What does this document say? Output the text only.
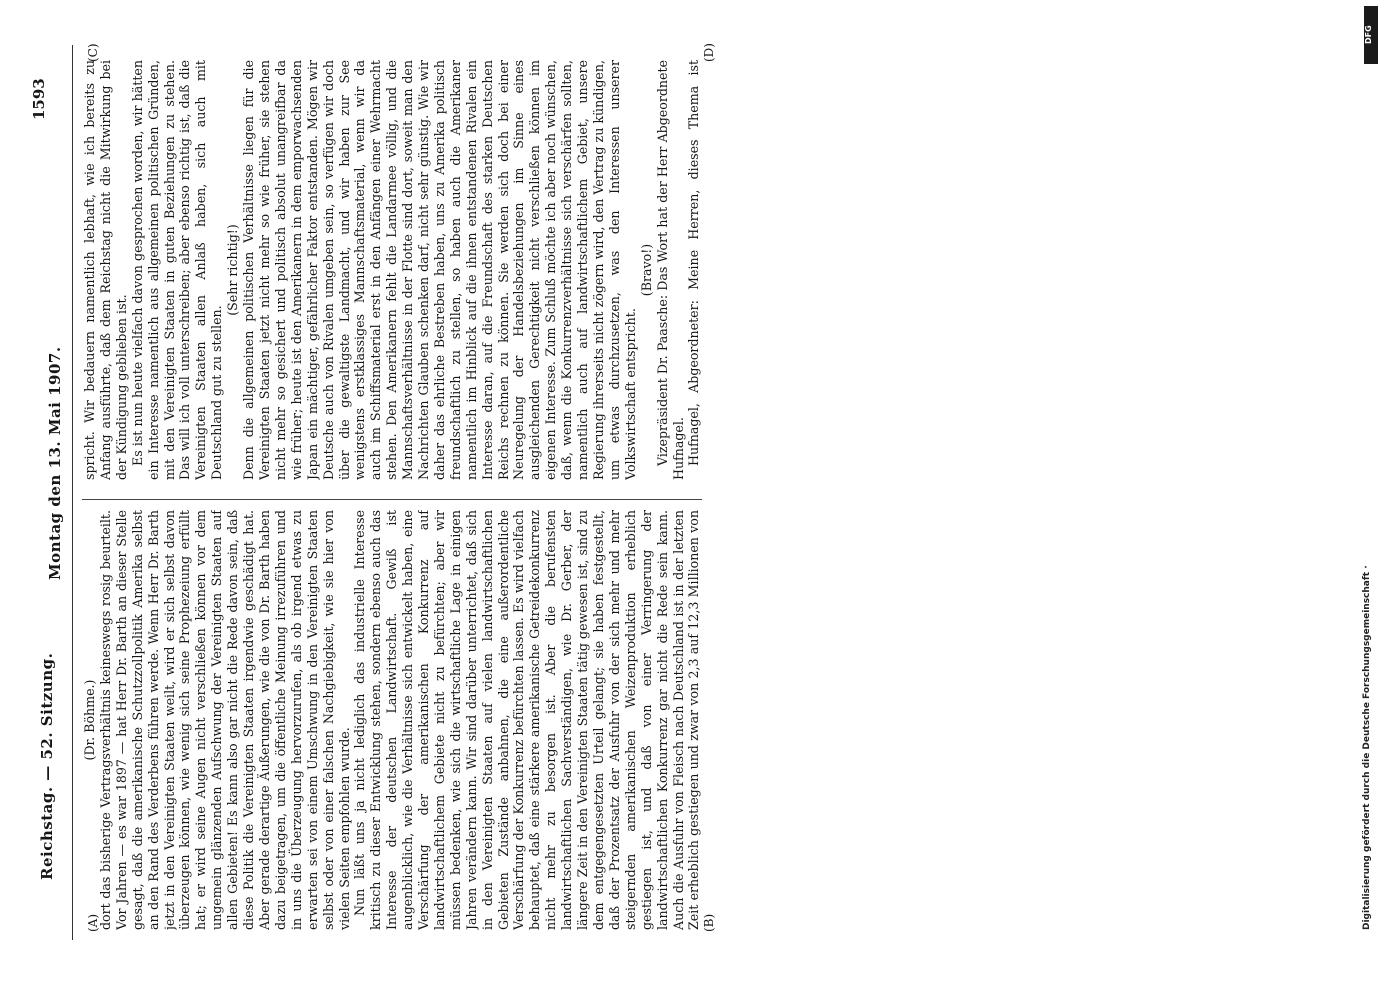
Reichstag. — 52. Sitzung.
Montag den 13. Mai 1907.
1593
(A)	(B)
(C)	(D)

(Dr. Böhme.) dort das bisherige Vertragsverhältnis keineswegs rosig beurteilt. Vor Jahren — es war 1897 — hat Herr Dr. Barth an dieser Stelle gesagt, daß die amerikanische Schutzzollpolitik Amerika selbst an den Rand des Verderbens führen werde. Wenn Herr Dr. Barth jetzt in den Vereinigten Staaten weilt, wird er sich selbst davon überzeugen können, wie wenig sich seine Prophezeiung erfüllt hat; er wird seine Augen nicht verschließen können vor dem ungemein glänzenden Aufschwung der Vereinigten Staaten auf allen Gebieten! Es kann also gar nicht die Rede davon sein, daß diese Politik die Vereinigten Staaten irgendwie geschädigt hat. Aber gerade derartige Äußerungen, wie die von Dr. Barth haben dazu beigetragen, um die öffentliche Meinung irrezuführen und in uns die Überzeugung hervorzurufen, als ob irgend etwas zu erwarten sei von einem Umschwung in den Vereinigten Staaten selbst oder von einer falschen Nachgiebigkeit, wie sie hier von vielen Seiten empfohlen wurde. Nun läßt uns ja nicht lediglich das industrielle Interesse kritisch zu dieser Entwicklung stehen, sondern ebenso auch das Interesse der deutschen Landwirtschaft. Gewiß ist augenblicklich, wie die Verhältnisse sich entwickelt haben, eine Verschärfung der amerikanischen Konkurrenz auf landwirtschaftlichem Gebiete nicht zu befürchten; aber wir müssen bedenken, wie sich die wirtschaftliche Lage in einigen Jahren verändern kann. Wir sind darüber unterrichtet, daß sich in den Vereinigten Staaten auf vielen landwirtschaftlichen Gebieten Zustände anbahnen, die eine außerordentliche Verschärfung der Konkurrenz befürchten lassen. Es wird vielfach behauptet, daß eine stärkere amerikanische Getreidekonkurrenz nicht mehr zu besorgen ist. Aber die berufensten landwirtschaftlichen Sachverständigen, wie Dr. Gerber, der längere Zeit in den Vereinigten Staaten tätig gewesen ist, sind zu dem entgegengesetzten Urteil gelangt; sie haben festgestellt, daß der Prozentsatz der Ausfuhr von der sich mehr und mehr steigernden amerikanischen Weizenproduktion erheblich gestiegen ist, und daß von einer Verringerung der landwirtschaftlichen Konkurrenz gar nicht die Rede sein kann. Auch die Ausfuhr von Fleisch nach Deutschland ist in der letzten Zeit erheblich gestiegen und zwar von 2,3 auf 12,3 Millionen von

spricht. Wir bedauern namentlich lebhaft, wie ich bereits zu Anfang ausführte, daß dem Reichstag nicht die Mitwirkung bei der Kündigung geblieben ist. Es ist nun heute vielfach davon gesprochen worden, wir hätten ein Interesse namentlich aus allgemeinen politischen Gründen, mit den Vereinigten Staaten in guten Beziehungen zu stehen. Das will ich voll unterschreiben; aber ebenso richtig ist, daß die Vereinigten Staaten allen Anlaß haben, sich auch mit Deutschland gut zu stellen.

(Sehr richtig!) Denn die allgemeinen politischen Verhältnisse liegen für die Vereinigten Staaten jetzt nicht mehr so wie früher, sie stehen nicht mehr so gesichert und politisch absolut unangreifbar da wie früher; heute ist den Amerikanern in dem emporwachsenden Japan ein mächtiger, gefährlicher Faktor entstanden. Mögen wir Deutsche auch von Rivalen umgeben sein, so verfügen wir doch über die gewaltigste Landmacht, und wir haben zur See wenigstens erstklassiges Mannschaftsmaterial, wenn wir da auch im Schiffsmaterial erst in den Anfängen einer Wehrmacht stehen. Den Amerikanern fehlt die Landarmee völlig, und die Mannschaftsverhältnisse in der Flotte sind dort, soweit man den Nachrichten Glauben schenken darf, nicht sehr günstig. Wie wir daher das ehrliche Bestreben haben, uns zu Amerika politisch freundschaftlich zu stellen, so haben auch die Amerikaner namentlich im Hinblick auf die ihnen entstandenen Rivalen ein Interesse daran, auf die Freundschaft des starken Deutschen Reichs rechnen zu können. Sie werden sich doch bei einer Neuregelung der Handelsbeziehungen im Sinne eines ausgleichenden Gerechtigkeit nicht verschließen können im eigenen Interesse. Zum Schluß möchte ich aber noch wünschen, daß, wenn die Konkurrenzverhältnisse sich verschärfen sollten, namentlich auch auf landwirtschaftlichem Gebiet, unsere Regierung ihrerseits nicht zögern wird, den Vertrag zu kündigen, um etwas durchzusetzen, was den Interessen unserer Volkswirtschaft entspricht.

(Bravo!) Vizepräsident Dr. Paasche: Das Wort hat der Herr Abgeordnete Hufnagel. Hufnagel, Abgeordneter: Meine Herren, dieses Thema ist

DFG
Digitalisierung gefördert durch die Deutsche Forschungsgemeinschaft ·
